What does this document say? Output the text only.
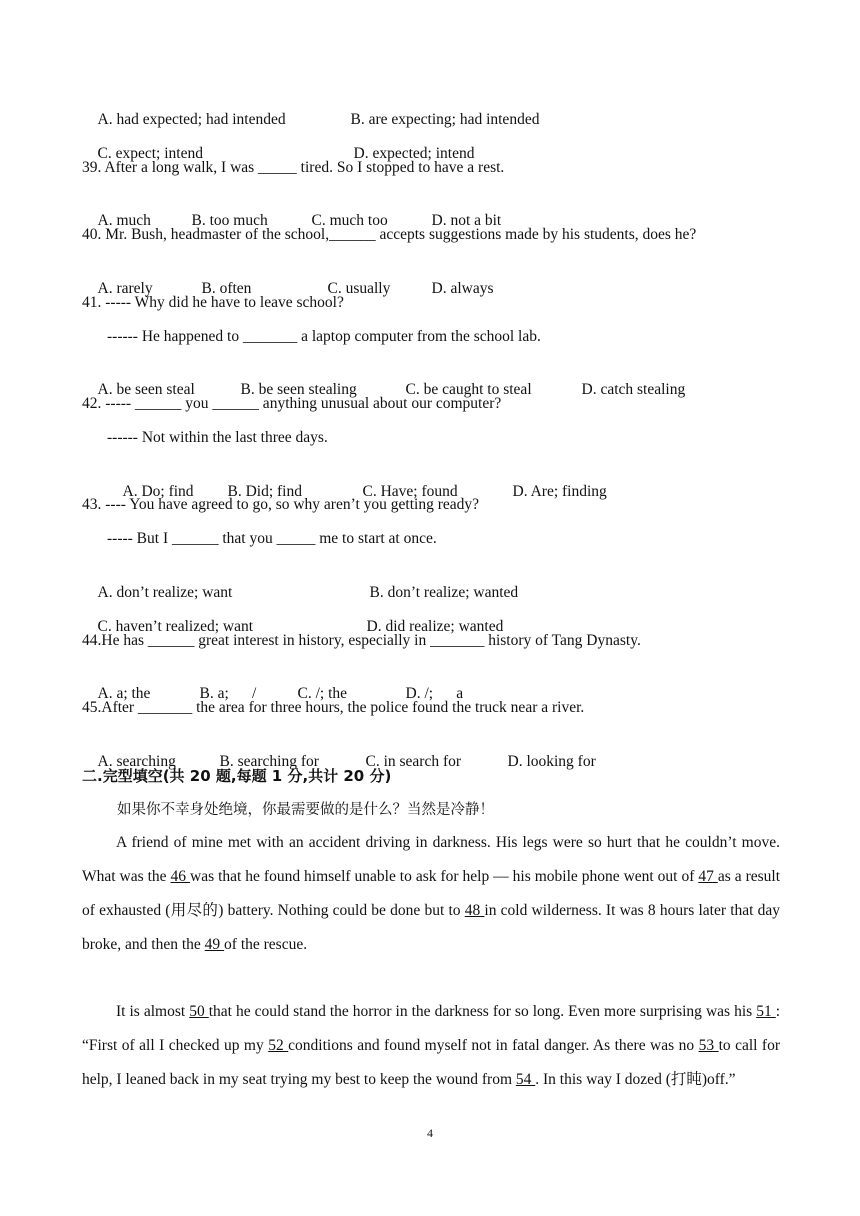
A. had expected; had intended	B. are expecting; had intended

C. expect; intend	D. expected; intend

39. After a long walk, I was _____ tired. So I stopped to have a rest.

A. much	B. too much	C. much too	D. not a bit

40. Mr. Bush, headmaster of the school,______ accepts suggestions made by his students, does he?

A. rarely	B. often	C. usually	D. always

41. ----- Why did he have to leave school?
------ He happened to _______ a laptop computer from the school lab.

A. be seen steal	B. be seen stealing	C. be caught to steal	D. catch stealing

42. ----- ______ you ______ anything unusual about our computer?
------ Not within the last three days.

A. Do; find B. Did; find	C. Have; found	D. Are; finding

43. ---- You have agreed to go, so why aren’t you getting ready?
----- But I ______ that you _____ me to start at once.

A. don’t realize; want	B. don’t realize; wanted

C. haven’t realized; want	D. did realize; wanted

44.He has ______ great interest in history, especially in _______ history of Tang Dynasty.

A. a; the	B. a;      /	C. /; the	D. /;      a

45.After _______ the area for three hours, the police found the truck near a river.

A. searching	B. searching for	C. in search for	D. looking for

二.完型填空(共 20 题,每题 1 分,共计 20 分)
如果你不幸身处绝境，你最需要做的是什么？当然是冷静！
A friend of mine met with an accident driving in darkness. His legs were so hurt that he couldn’t move. What was the 46 was that he found himself unable to ask for help — his mobile phone went out of 47 as a result of exhausted (用尽的) battery. Nothing could be done but to 48 in cold wilderness. It was 8 hours later that day broke, and then the 49 of the rescue.
It is almost 50 that he could stand the horror in the darkness for so long. Even more surprising was his 51 : “First of all I checked up my 52 conditions and found myself not in fatal danger. As there was no 53 to call for help, I leaned back in my seat trying my best to keep the wound from 54 . In this way I dozed (打盹)off.”
4
